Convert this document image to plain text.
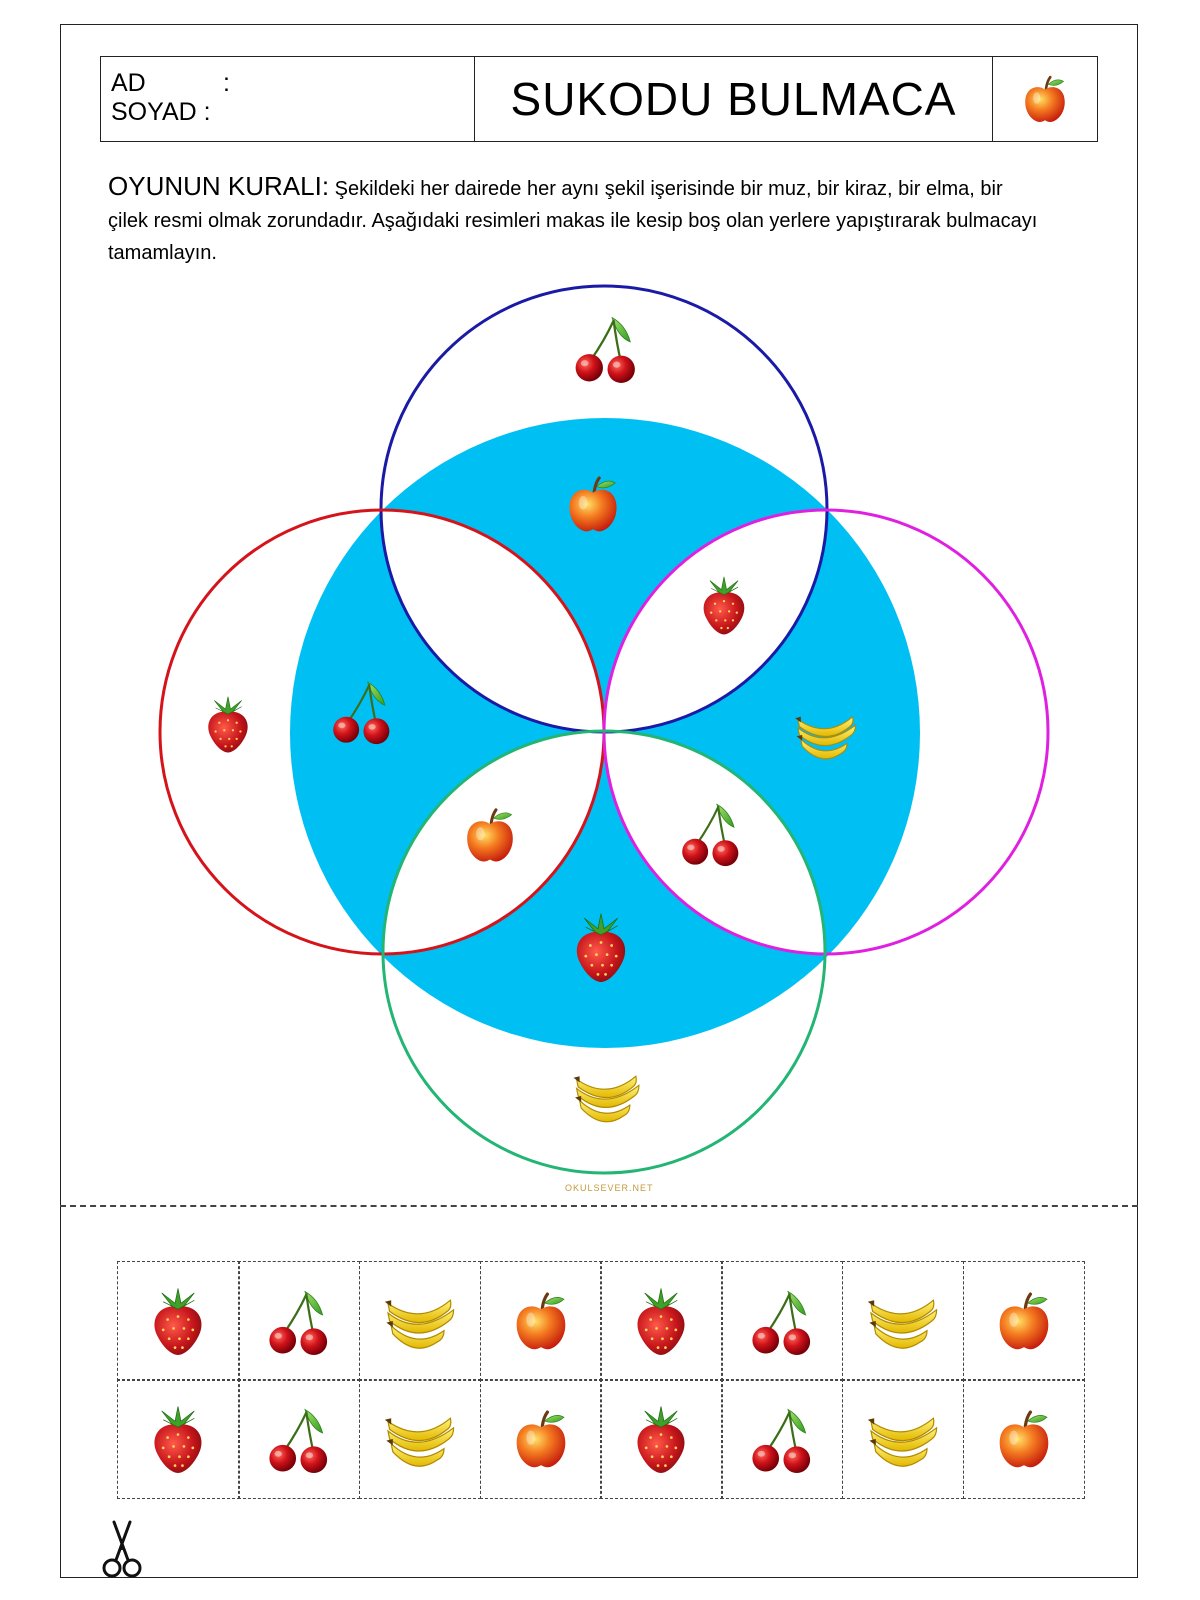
AD	:
SOYAD :	SUKODU BULMACA
OYUNUN KURALI: Şekildeki her dairede her aynı şekil işerisinde bir muz, bir kiraz, bir elma, bir çilek resmi olmak zorundadır. Aşağıdaki resimleri makas ile kesip boş olan yerlere yapıştırarak bulmacayı tamamlayın.
OKULSEVER.NET
